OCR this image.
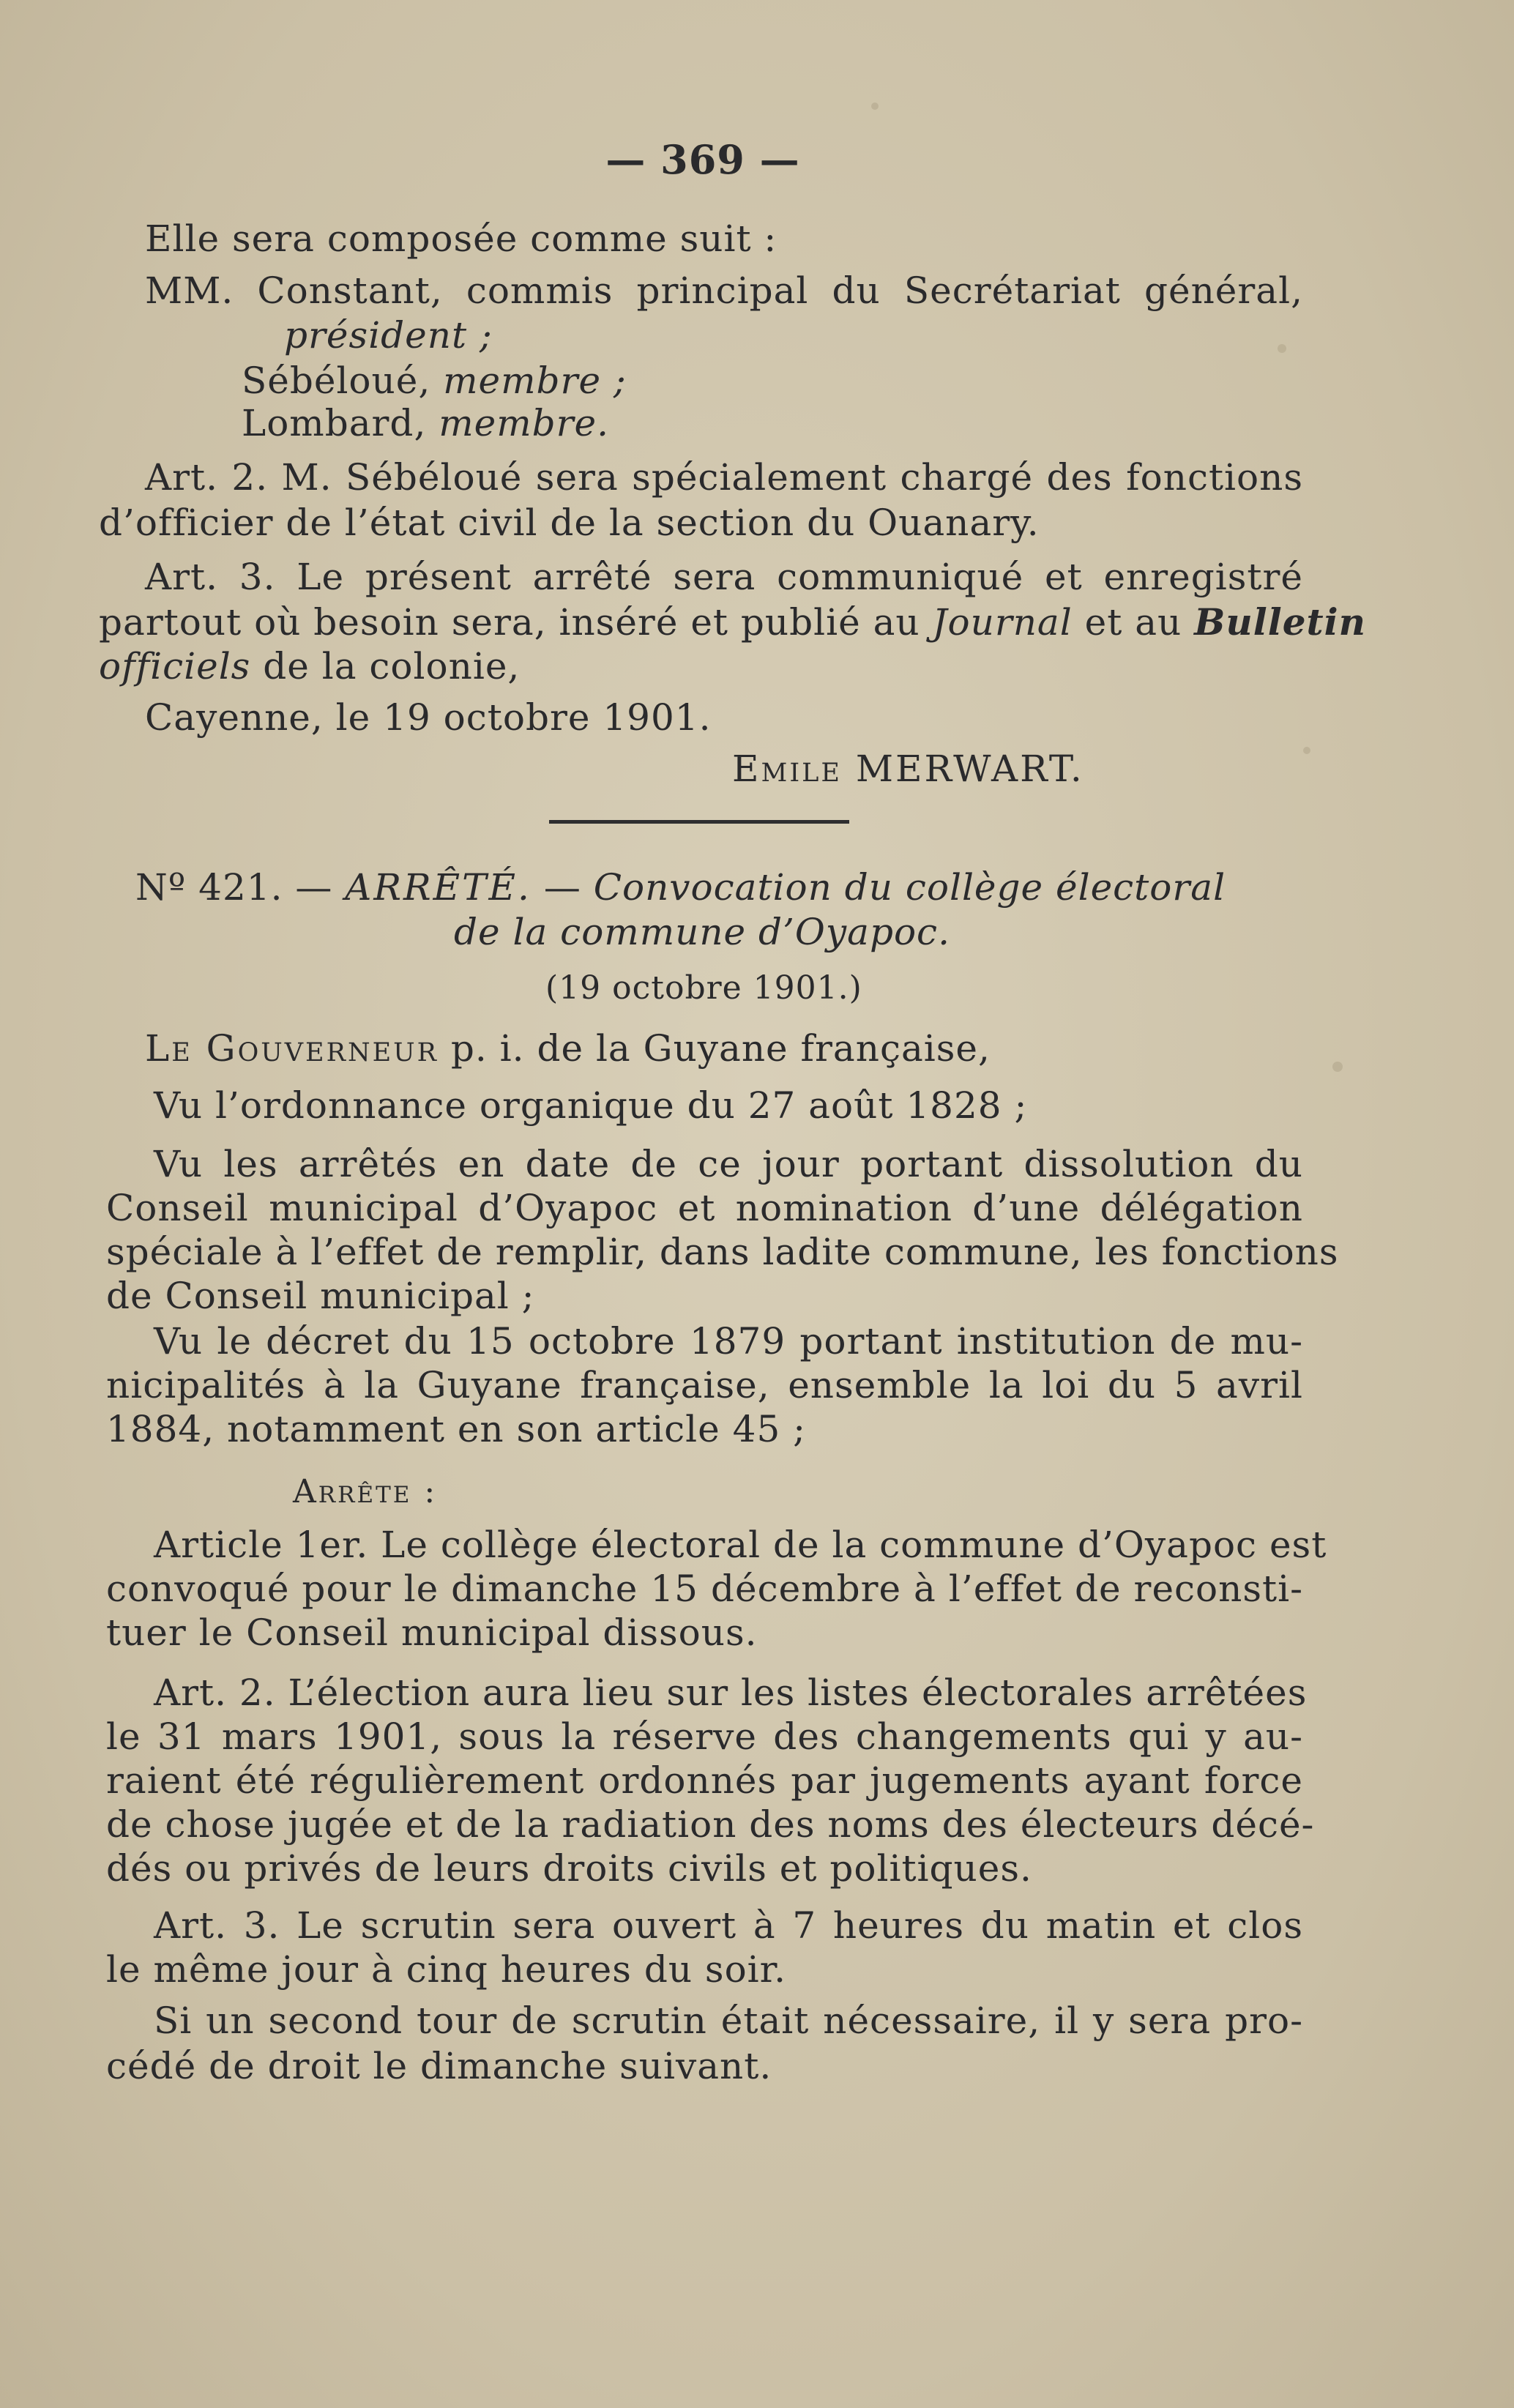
— 369 —
Elle sera composée comme suit :
MM. Constant, commis principal du Secrétariat général,
président ;
Sébéloué, membre ;
Lombard, membre.
Art. 2. M. Sébéloué sera spécialement chargé des fonctions
d’officier de l’état civil de la section du Ouanary.
Art. 3. Le présent arrêté sera communiqué et enregistré
partout où besoin sera, inséré et publié au Journal et au Bulletin
officiels de la colonie,
Cayenne, le 19 octobre 1901.
Emile MERWART.
Nº 421. — ARRÊTÉ. — Convocation du collège électoral
de la commune d’Oyapoc.
(19 octobre 1901.)
Le Gouverneur p. i. de la Guyane française,
Vu l’ordonnance organique du 27 août 1828 ;
Vu les arrêtés en date de ce jour portant dissolution du
Conseil municipal d’Oyapoc et nomination d’une délégation
spéciale à l’effet de remplir, dans ladite commune, les fonctions
de Conseil municipal ;
Vu le décret du 15 octobre 1879 portant institution de mu-
nicipalités à la Guyane française, ensemble la loi du 5 avril
1884, notamment en son article 45 ;
Arrête :
Article 1er. Le collège électoral de la commune d’Oyapoc est
convoqué pour le dimanche 15 décembre à l’effet de reconsti-
tuer le Conseil municipal dissous.
Art. 2. L’élection aura lieu sur les listes électorales arrêtées
le 31 mars 1901, sous la réserve des changements qui y au-
raient été régulièrement ordonnés par jugements ayant force
de chose jugée et de la radiation des noms des électeurs décé-
dés ou privés de leurs droits civils et politiques.
Art. 3. Le scrutin sera ouvert à 7 heures du matin et clos
le même jour à cinq heures du soir.
Si un second tour de scrutin était nécessaire, il y sera pro-
cédé de droit le dimanche suivant.
